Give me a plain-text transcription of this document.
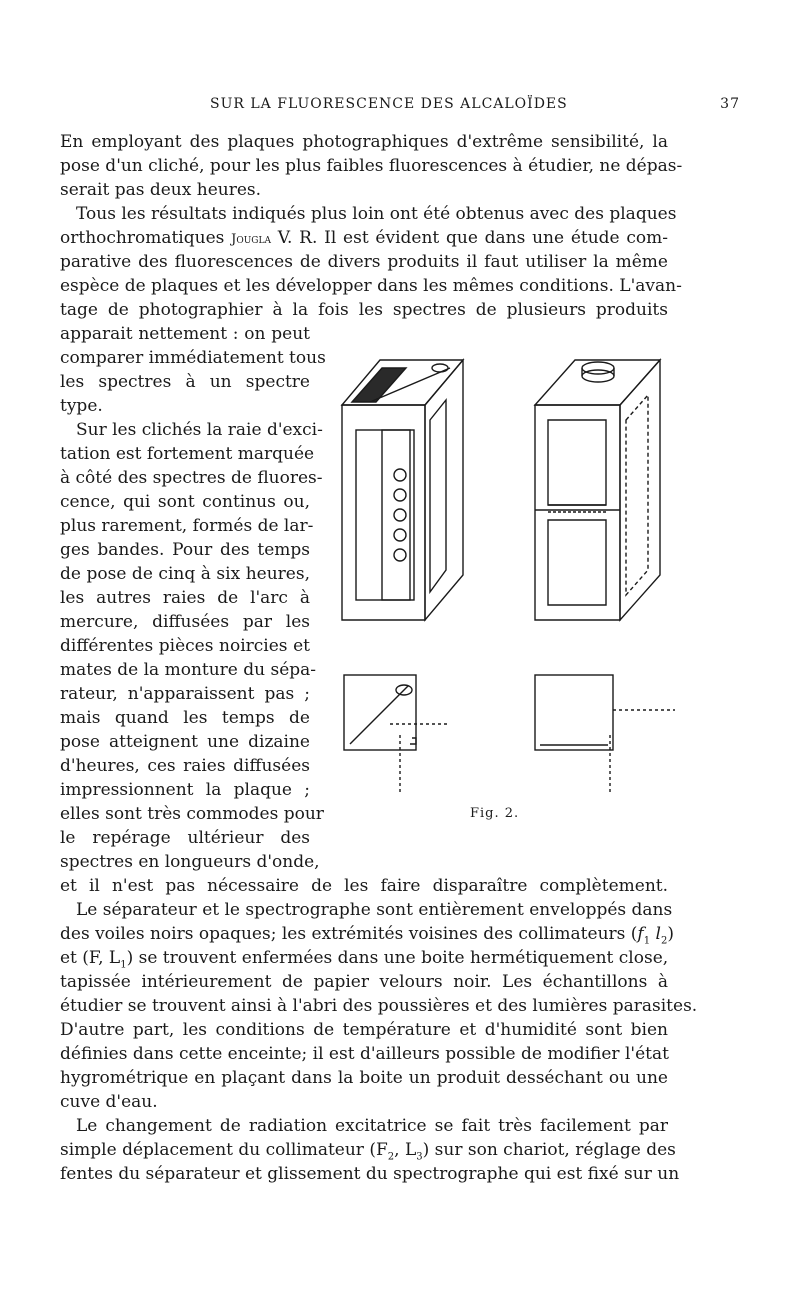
SUR LA FLUORESCENCE DES ALCALOÏDES	37
En employant des plaques photographiques d'extrême sensibilité, la
pose d'un cliché, pour les plus faibles fluorescences à étudier, ne dépas-
serait pas deux heures.
Tous les résultats indiqués plus loin ont été obtenus avec des plaques
orthochromatiques Jougla V. R. Il est évident que dans une étude com-
parative des fluorescences de divers produits il faut utiliser la même
espèce de plaques et les développer dans les mêmes conditions. L'avan-
tage de photographier à la fois les spectres de plusieurs produits
apparait nettement : on peut
comparer immédiatement tous
les spectres à un spectre
type.
Sur les clichés la raie d'exci-
tation est fortement marquée
à côté des spectres de fluores-
cence, qui sont continus ou,
plus rarement, formés de lar-
ges bandes. Pour des temps
de pose de cinq à six heures,
les autres raies de l'arc à
mercure, diffusées par les
différentes pièces noircies et
mates de la monture du sépa-
rateur, n'apparaissent pas ;
mais quand les temps de
pose atteignent une dizaine
d'heures, ces raies diffusées
impressionnent la plaque ;
elles sont très commodes pour
le repérage ultérieur des
spectres en longueurs d'onde,
et il n'est pas nécessaire de les faire disparaître complètement.
Le séparateur et le spectrographe sont entièrement enveloppés dans
des voiles noirs opaques; les extrémités voisines des collimateurs ($f_1$ $l_2$)
et (F, $L_1$) se trouvent enfermées dans une boite hermétiquement close,
tapissée intérieurement de papier velours noir. Les échantillons à
étudier se trouvent ainsi à l'abri des poussières et des lumières parasites.
D'autre part, les conditions de température et d'humidité sont bien
définies dans cette enceinte; il est d'ailleurs possible de modifier l'état
hygrométrique en plaçant dans la boite un produit desséchant ou une
cuve d'eau.
Le changement de radiation excitatrice se fait très facilement par
simple déplacement du collimateur ($F_2$, $L_3$) sur son chariot, réglage des
fentes du séparateur et glissement du spectrographe qui est fixé sur un
Fig. 2.
